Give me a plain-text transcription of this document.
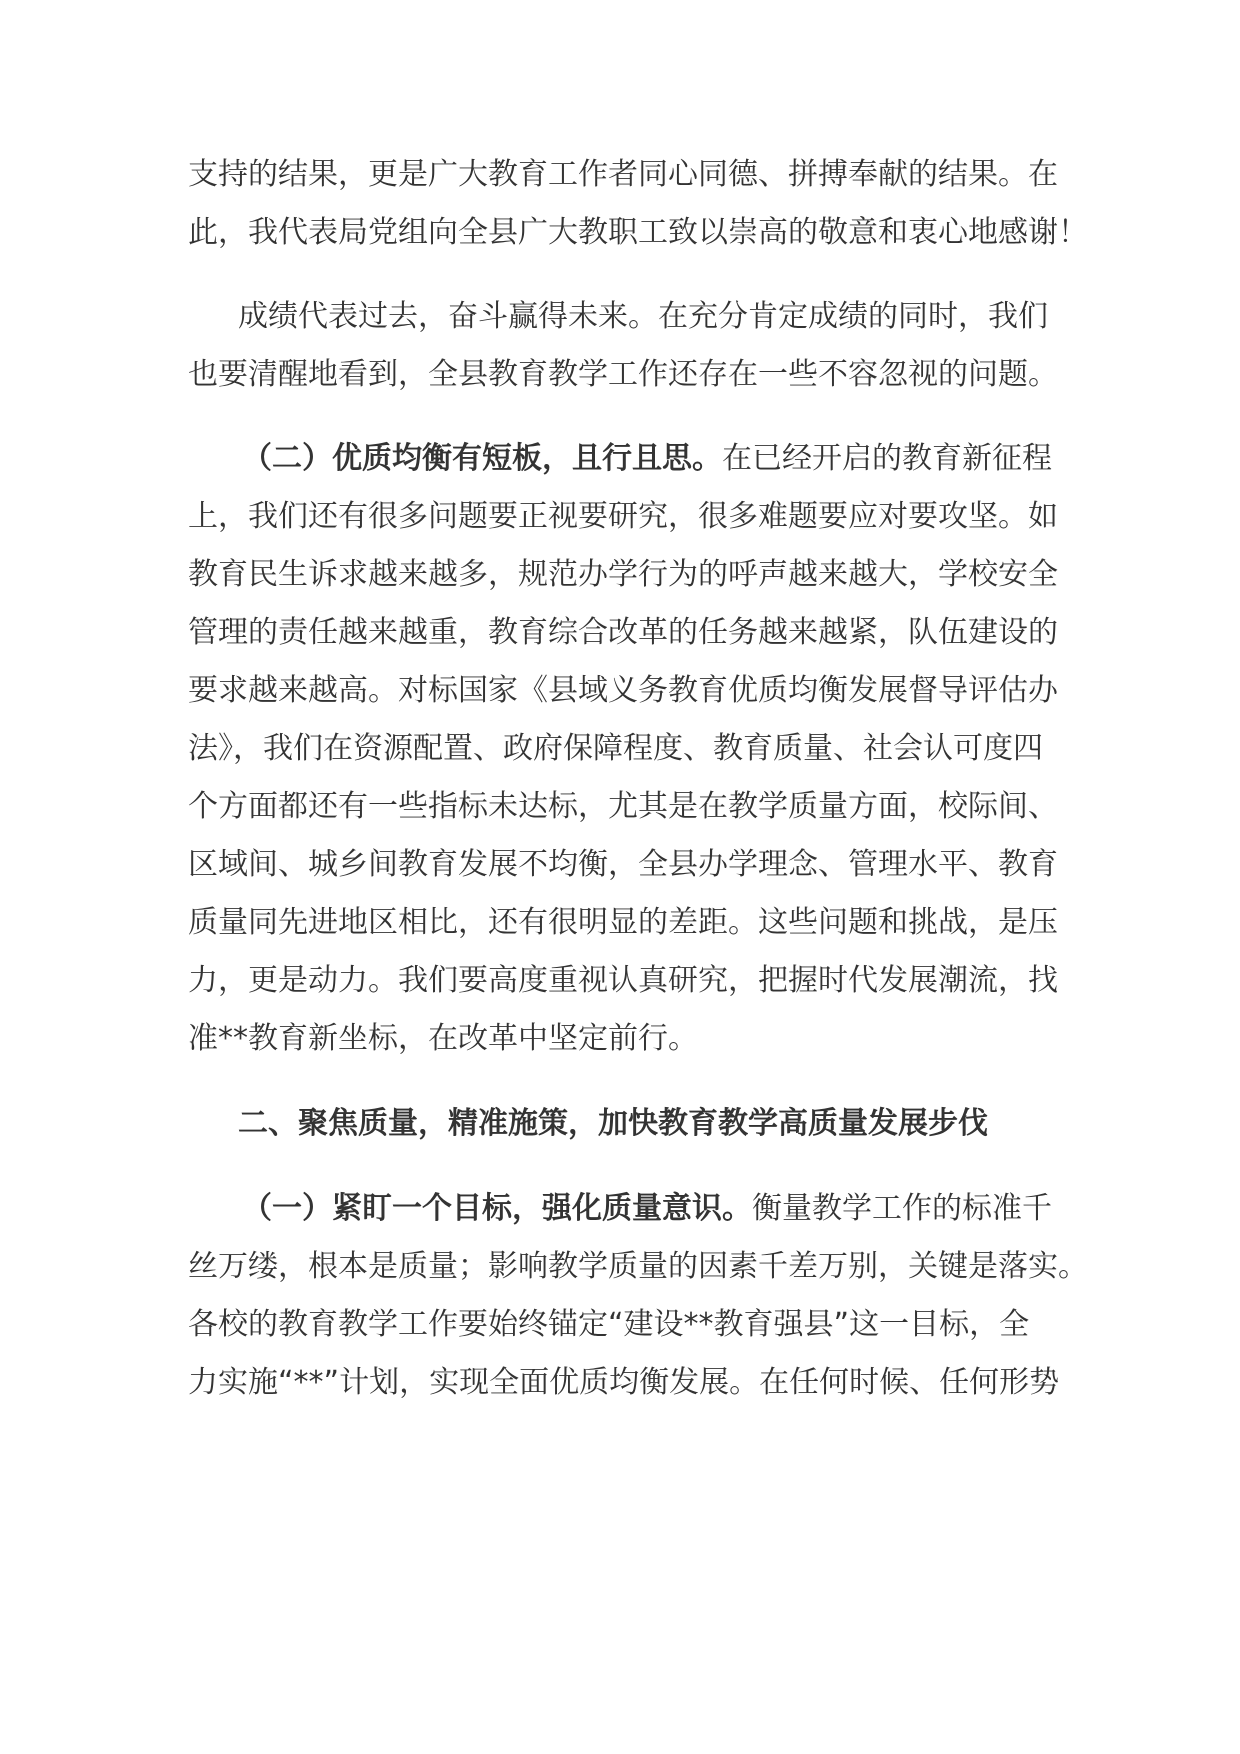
支持的结果，更是广大教育工作者同心同德、拼搏奉献的结果。在
此，我代表局党组向全县广大教职工致以崇高的敬意和衷心地感谢！
成绩代表过去，奋斗赢得未来。在充分肯定成绩的同时，我们
也要清醒地看到，全县教育教学工作还存在一些不容忽视的问题。
（二）优质均衡有短板，且行且思。在已经开启的教育新征程
上，我们还有很多问题要正视要研究，很多难题要应对要攻坚。如
教育民生诉求越来越多，规范办学行为的呼声越来越大，学校安全
管理的责任越来越重，教育综合改革的任务越来越紧，队伍建设的
要求越来越高。对标国家《县域义务教育优质均衡发展督导评估办
法》，我们在资源配置、政府保障程度、教育质量、社会认可度四
个方面都还有一些指标未达标，尤其是在教学质量方面，校际间、
区域间、城乡间教育发展不均衡，全县办学理念、管理水平、教育
质量同先进地区相比，还有很明显的差距。这些问题和挑战，是压
力，更是动力。我们要高度重视认真研究，把握时代发展潮流，找
准**教育新坐标，在改革中坚定前行。
二、聚焦质量，精准施策，加快教育教学高质量发展步伐
（一）紧盯一个目标，强化质量意识。衡量教学工作的标准千
丝万缕，根本是质量；影响教学质量的因素千差万别，关键是落实。
各校的教育教学工作要始终锚定“建设**教育强县”这一目标，全
力实施“**”计划，实现全面优质均衡发展。在任何时候、任何形势
